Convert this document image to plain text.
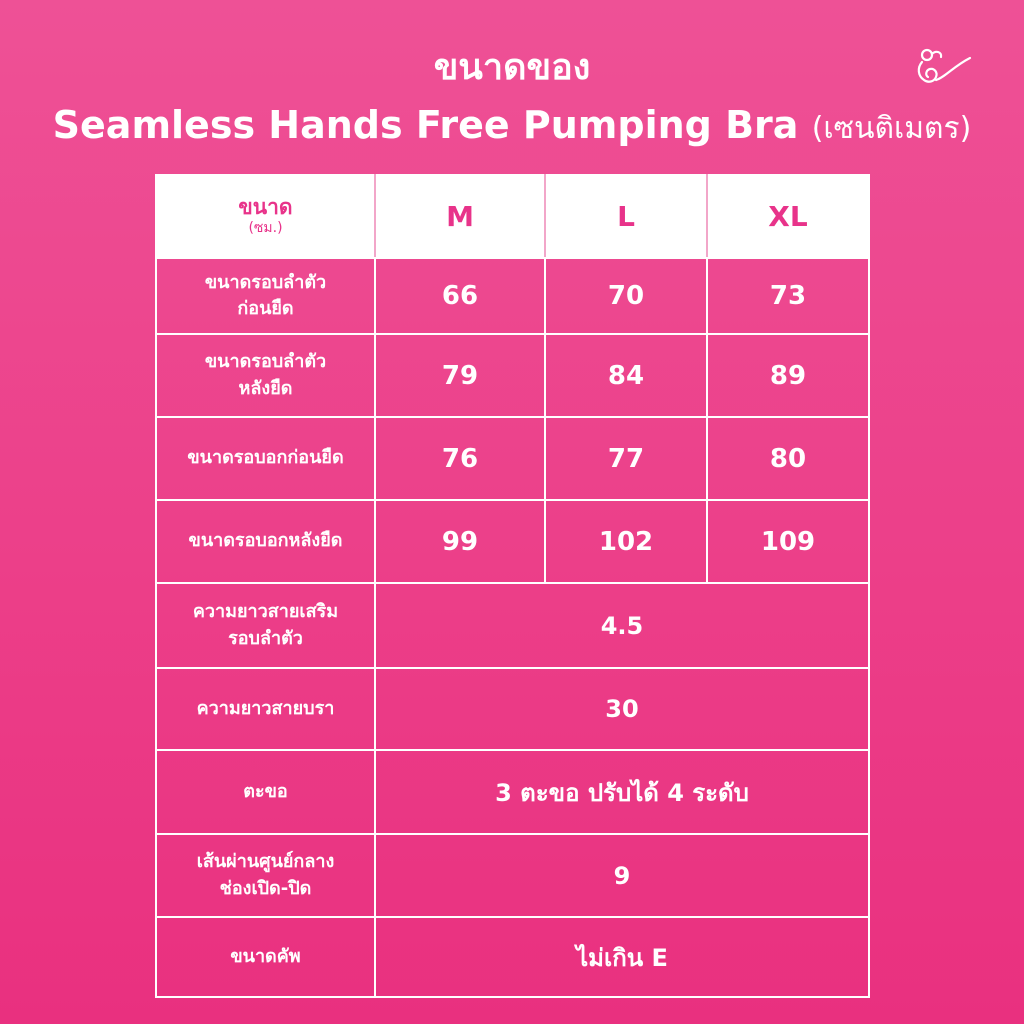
ขนาดของ
Seamless Hands Free Pumping Bra (เซนติเมตร)
ขนาด
(ซม.)	M	L	XL

ขนาดรอบลำตัว
ก่อนยืด	66	70	73

ขนาดรอบลำตัว
หลังยืด	79	84	89

ขนาดรอบอกก่อนยืด	76	77	80

ขนาดรอบอกหลังยืด	99	102	109

ความยาวสายเสริม
รอบลำตัว	4.5		

ความยาวสายบรา	30		

ตะขอ	3 ตะขอ ปรับได้ 4 ระดับ		

เส้นผ่านศูนย์กลาง
ช่องเปิด-ปิด	9		

ขนาดคัพ	ไม่เกิน E		
